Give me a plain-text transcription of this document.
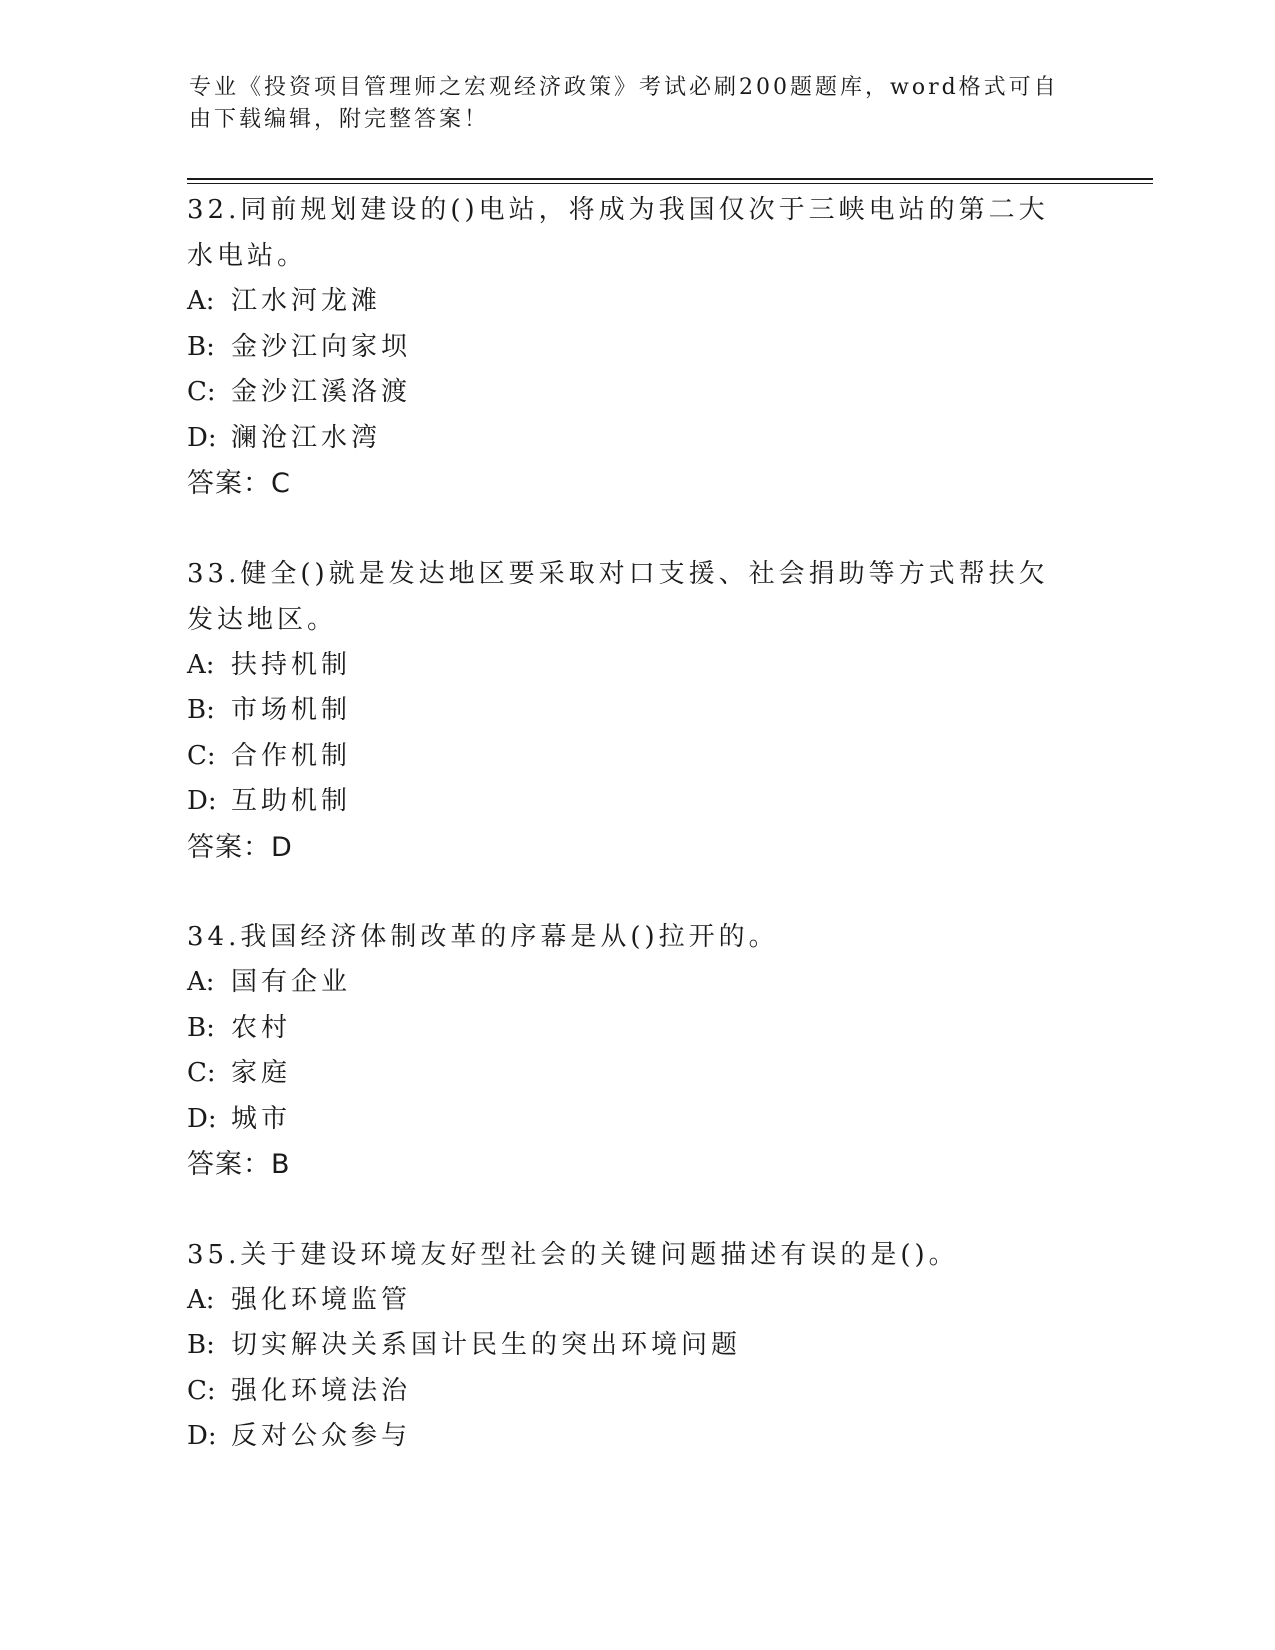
专业《投资项目管理师之宏观经济政策》考试必刷200题题库，word格式可自由下载编辑，附完整答案！
32.同前规划建设的()电站，将成为我国仅次于三峡电站的第二大水电站。
A: 江水河龙滩
B: 金沙江向家坝
C: 金沙江溪洛渡
D: 澜沧江水湾
答案：C
33.健全()就是发达地区要采取对口支援、社会捐助等方式帮扶欠发达地区。
A: 扶持机制
B: 市场机制
C: 合作机制
D: 互助机制
答案：D
34.我国经济体制改革的序幕是从()拉开的。
A: 国有企业
B: 农村
C: 家庭
D: 城市
答案：B
35.关于建设环境友好型社会的关键问题描述有误的是()。
A: 强化环境监管
B: 切实解决关系国计民生的突出环境问题
C: 强化环境法治
D: 反对公众参与
